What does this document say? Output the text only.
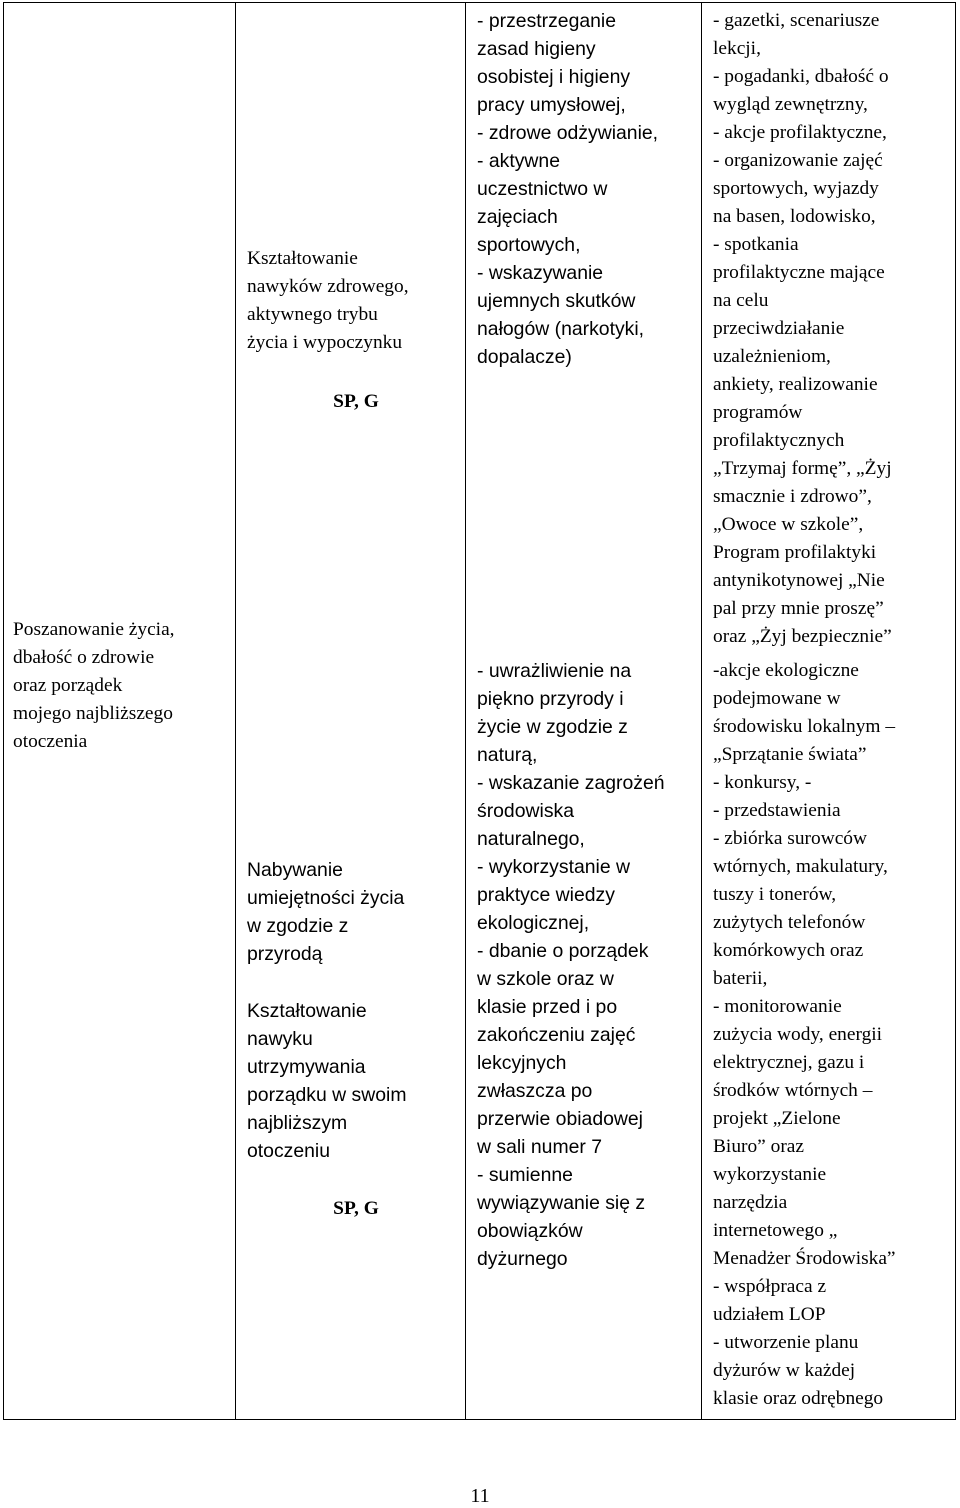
Poszanowanie życia,
dbałość o zdrowie
oraz porządek
mojego najbliższego
otoczenia
Kształtowanie
nawyków zdrowego,
aktywnego trybu
życia i wypoczynku
SP, G
Nabywanie
umiejętności życia
w zgodzie z
przyrodą
Kształtowanie
nawyku
utrzymywania
porządku w swoim
najbliższym
otoczeniu
SP, G
- przestrzeganie
zasad higieny
osobistej i higieny
pracy umysłowej,
- zdrowe odżywianie,
- aktywne
uczestnictwo w
zajęciach
sportowych,
- wskazywanie
ujemnych skutków
nałogów (narkotyki,
dopalacze)
- uwrażliwienie na
piękno przyrody i
życie w zgodzie z
naturą,
- wskazanie zagrożeń
środowiska
naturalnego,
- wykorzystanie w
praktyce wiedzy
ekologicznej,
- dbanie o porządek
w szkole oraz w
klasie przed i po
zakończeniu zajęć
lekcyjnych
zwłaszcza po
przerwie obiadowej
w sali numer 7
- sumienne
wywiązywanie się z
obowiązków
dyżurnego
- gazetki, scenariusze
lekcji,
- pogadanki, dbałość o
wygląd zewnętrzny,
- akcje profilaktyczne,
- organizowanie zajęć
sportowych, wyjazdy
na basen, lodowisko,
- spotkania
profilaktyczne mające
na celu
przeciwdziałanie
uzależnieniom,
ankiety, realizowanie
programów
profilaktycznych
„Trzymaj formę”, „Żyj
smacznie i zdrowo”,
„Owoce w szkole”,
Program profilaktyki
antynikotynowej „Nie
pal przy mnie proszę”
oraz „Żyj bezpiecznie”
-akcje ekologiczne
podejmowane w
środowisku lokalnym –
„Sprzątanie świata”
- konkursy, -
- przedstawienia
- zbiórka surowców
wtórnych, makulatury,
tuszy i tonerów,
zużytych telefonów
komórkowych oraz
baterii,
- monitorowanie
zużycia wody, energii
elektrycznej, gazu i
środków wtórnych –
projekt „Zielone
Biuro” oraz
wykorzystanie
narzędzia
internetowego „
Menadżer Środowiska”
- współpraca z
udziałem LOP
- utworzenie planu
dyżurów w każdej
klasie oraz odrębnego
11
